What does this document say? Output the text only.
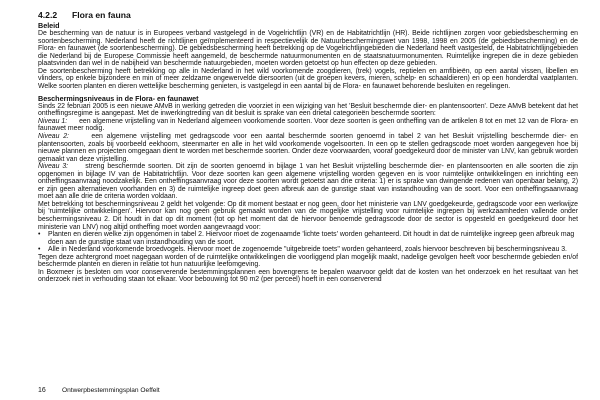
4.2.2 Flora en fauna
Beleid

De bescherming van de natuur is in Europees verband vastgelegd in de Vogelrichtlijn (VR) en de Habitatrichtlijn (HR). Beide richtlijnen zorgen voor gebiedsbescherming en soortenbescherming. Nederland heeft de richtlijnen geïmplementeerd in respectievelijk de Natuurbeschermingswet van 1998, 1998 en 2005 (de gebiedsbescherming) en de Flora- en faunawet (de soortenbescherming). De gebiedsbescherming heeft betrekking op de Vogelrichtlijngebieden die Nederland heeft vastgesteld, de Habitatrichtlijngebieden die Nederland bij de Europese Commissie heeft aangemeld, de beschermde natuurmonumenten en de staatsnatuurmonumenten. Ruimtelijke ingrepen die in deze gebieden plaatsvinden dan wel in de nabijheid van beschermde natuurgebieden, moeten worden getoetst op hun effecten op deze gebieden.

De soortenbescherming heeft betrekking op alle in Nederland in het wild voorkomende zoogdieren, (trek) vogels, reptielen en amfibieën, op een aantal vissen, libellen en vlinders, op enkele bijzondere en min of meer zeldzame ongewervelde diersoorten (uit de groepen kevers, mieren, schelp- en schaaldieren) en op een honderdtal vaatplanten. Welke soorten planten en dieren wettelijke bescherming genieten, is vastgelegd in een aantal bij de Flora- en faunawet behorende besluiten en regelingen.

Beschermingsniveaus in de Flora- en faunawet

Sinds 22 februari 2005 is een nieuwe AMvB in werking getreden die voorziet in een wijziging van het 'Besluit beschermde dier- en plantensoorten'. Deze AMvB betekent dat het ontheffingsregime is aangepast. Met de inwerkingtreding van dit besluit is sprake van een drietal categorieën beschermde soorten:

Niveau 1: een algemene vrijstelling van in Nederland algemeen voorkomende soorten. Voor deze soorten is geen ontheffing van de artikelen 8 tot en met 12 van de Flora- en faunawet meer nodig.

Niveau 2:	een algemene vrijstelling met gedragscode voor een aantal beschermde soorten genoemd in tabel 2 van het Besluit vrijstelling beschermde dier- en plantensoorten, zoals bij voorbeeld eekhoorn, steenmarter en alle in het wild voorkomende vogelsoorten. In een op te stellen gedragscode moet worden aangegeven hoe bij nieuwe plannen en projecten omgegaan dient te worden met beschermde soorten. Onder deze voorwaarden, vooraf goedgekeurd door de minister van LNV, kan gebruik worden gemaakt van deze vrijstelling.

Niveau 3: streng beschermde soorten. Dit zijn de soorten genoemd in bijlage 1 van het Besluit vrijstelling beschermde dier- en plantensoorten en alle soorten die zijn opgenomen in bijlage IV van de Habitatrichtlijn. Voor deze soorten kan geen algemene vrijstelling worden gegeven en is voor ruimtelijke ontwikkelingen en inrichting een ontheffingsaanvraag noodzakelijk. Een ontheffingsaanvraag voor deze soorten wordt getoetst aan drie criteria: 1) er is sprake van dwingende redenen van openbaar belang, 2) er zijn geen alternatieven voorhanden en 3) de ruimtelijke ingreep doet geen afbreuk aan de gunstige staat van instandhouding van de soort. Voor een ontheffingsaanvraag moet aan alle drie de criteria worden voldaan.

Met betrekking tot beschermingsniveau 2 geldt het volgende: Op dit moment bestaat er nog geen, door het ministerie van LNV goedgekeurde, gedragscode voor een werkwijze bij 'ruimtelijke ontwikkelingen'. Hiervoor kan nog geen gebruik gemaakt worden van de mogelijke vrijstelling voor ruimtelijke ingrepen bij werkzaamheden vallende onder beschermingsniveau 2. Dit houdt in dat op dit moment (tot op het moment dat de hiervoor benoemde gedragscode door de sector is opgesteld en goedgekeurd door het ministerie van LNV) nog altijd ontheffing moet worden aangevraagd voor:

•	Planten en dieren welke zijn opgenomen in tabel 2. Hiervoor moet de zogenaamde 'lichte toets' worden gehanteerd. Dit houdt in dat de ruimtelijke ingreep geen afbreuk mag doen aan de gunstige staat van instandhouding van de soort.
•	Alle in Nederland voorkomende broedvogels. Hiervoor moet de zogenoemde "uitgebreide toets" worden gehanteerd, zoals hiervoor beschreven bij beschermingsniveau 3.

Tegen deze achtergrond moet nagegaan worden of de ruimtelijke ontwikkelingen die voorliggend plan mogelijk maakt, nadelige gevolgen heeft voor beschermde gebieden en/of beschermde planten en dieren in relatie tot hun natuurlijke leefomgeving.

In Boxmeer is besloten om voor conserverende bestemmingsplannen een bovengrens te bepalen waarvoor geldt dat de kosten van het onderzoek en het resultaat van het onderzoek niet in verhouding staan tot elkaar. Voor bebouwing tot 90 m2 (per perceel) hoeft in een conserverend

16 Ontwerpbestemmingsplan Oeffelt
